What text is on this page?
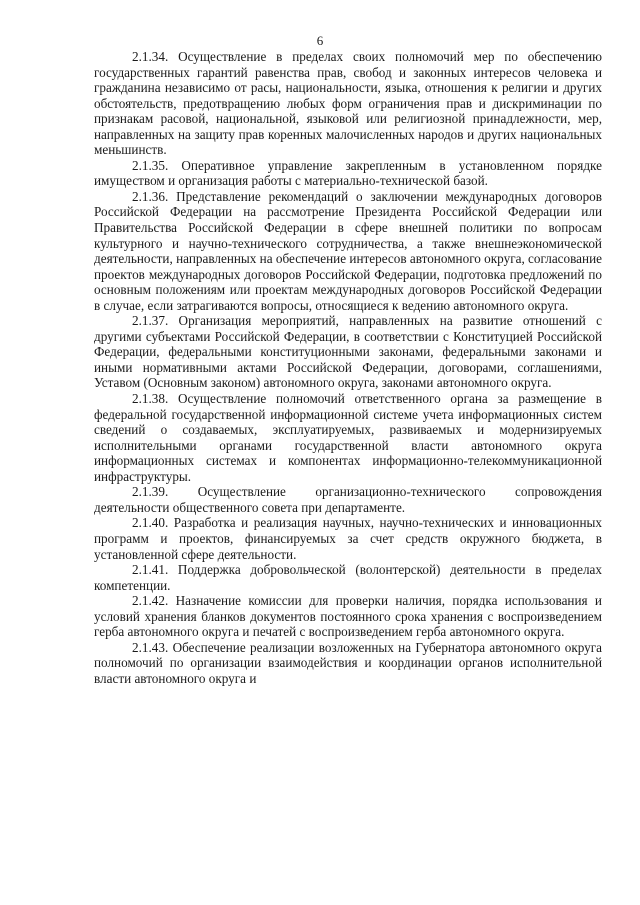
6

2.1.34. Осуществление в пределах своих полномочий мер по обеспечению государственных гарантий равенства прав, свобод и законных интересов человека и гражданина независимо от расы, национальности, языка, отношения к религии и других обстоятельств, предотвращению любых форм ограничения прав и дискриминации по признакам расовой, национальной, языковой или религиозной принадлежности, мер, направленных на защиту прав коренных малочисленных народов и других национальных меньшинств.

2.1.35. Оперативное управление закрепленным в установленном порядке имуществом и организация работы с материально-технической базой.

2.1.36. Представление рекомендаций о заключении международных договоров Российской Федерации на рассмотрение Президента Российской Федерации или Правительства Российской Федерации в сфере внешней политики по вопросам культурного и научно-технического сотрудничества, а также внешнеэкономической деятельности, направленных на обеспечение интересов автономного округа, согласование проектов международных договоров Российской Федерации, подготовка предложений по основным положениям или проектам международных договоров Российской Федерации в случае, если затрагиваются вопросы, относящиеся к ведению автономного округа.

2.1.37. Организация мероприятий, направленных на развитие отношений с другими субъектами Российской Федерации, в соответствии с Конституцией Российской Федерации, федеральными конституционными законами, федеральными законами и иными нормативными актами Российской Федерации, договорами, соглашениями, Уставом (Основным законом) автономного округа, законами автономного округа.

2.1.38. Осуществление полномочий ответственного органа за размещение в федеральной государственной информационной системе учета информационных систем сведений о создаваемых, эксплуатируемых, развиваемых и модернизируемых исполнительными органами государственной власти автономного округа информационных системах и компонентах информационно-телекоммуникационной инфраструктуры.

2.1.39. Осуществление организационно-технического сопровождения деятельности общественного совета при департаменте.

2.1.40. Разработка и реализация научных, научно-технических и инновационных программ и проектов, финансируемых за счет средств окружного бюджета, в установленной сфере деятельности.

2.1.41. Поддержка добровольческой (волонтерской) деятельности в пределах компетенции.

2.1.42. Назначение комиссии для проверки наличия, порядка использования и условий хранения бланков документов постоянного срока хранения с воспроизведением герба автономного округа и печатей с воспроизведением герба автономного округа.

2.1.43. Обеспечение реализации возложенных на Губернатора автономного округа полномочий по организации взаимодействия и координации органов исполнительной власти автономного округа и
